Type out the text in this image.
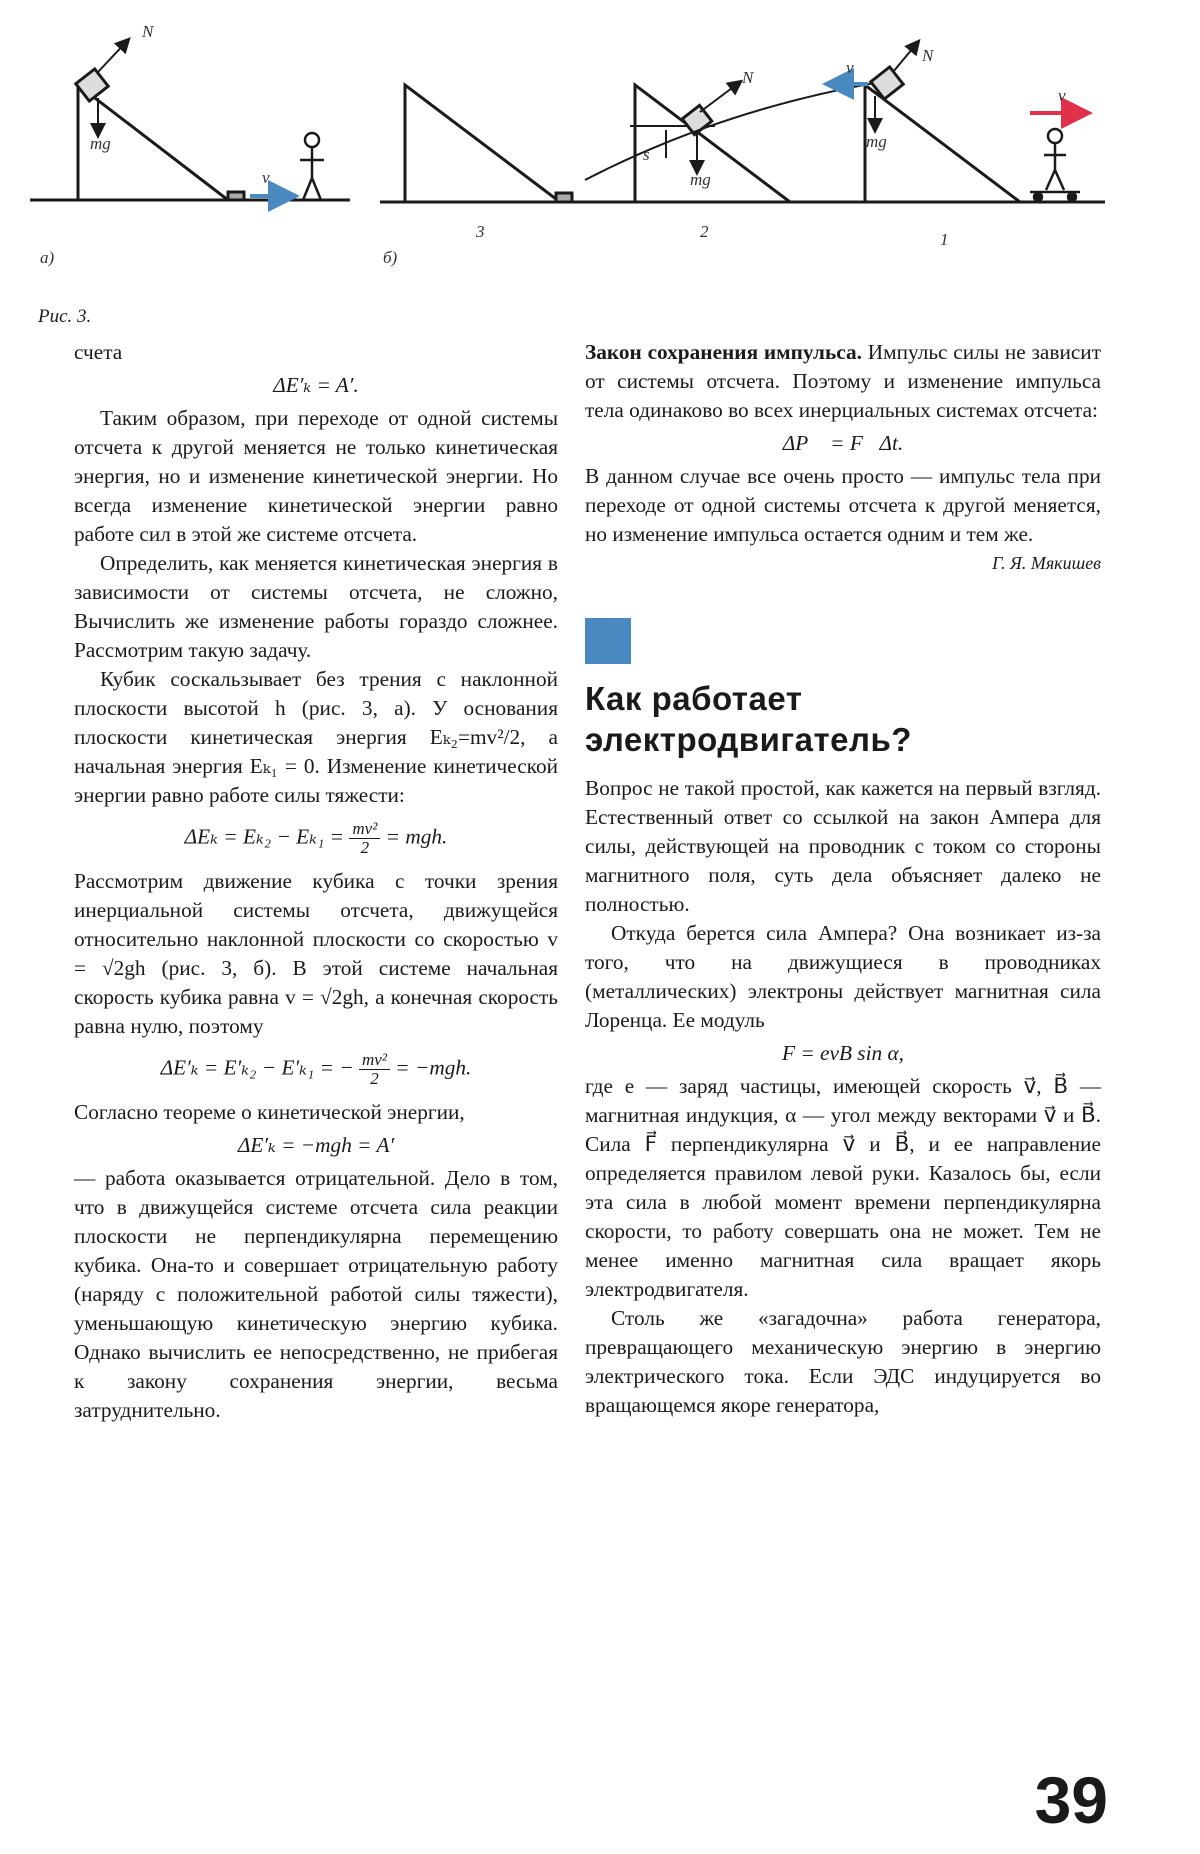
N
mg
v
а)	б)
3	2	1
N
mg
s
N
mg
v
v
Рис. 3.

счета

ΔE′ₖ = A′.

Таким образом, при переходе от одной системы отсчета к другой меняется не только кинетическая энергия, но и изменение кинетической энергии. Но всегда изменение кинетической энергии равно работе сил в этой же системе отсчета.

Определить, как меняется кинетическая энергия в зависимости от системы отсчета, не сложно, Вычислить же изменение работы гораздо сложнее. Рассмотрим такую задачу.

Кубик соскальзывает без трения с наклонной плоскости высотой h (рис. 3, а). У основания плоскости кинетическая энергия Eₖ₂=mv²/2, а начальная энергия Eₖ₁ = 0. Изменение кинетической энергии равно работе силы тяжести:

$\Delta E_k = E_{k2} - E_{k1} = \frac{\text{mv²}}{2}$ = mgh.

Рассмотрим движение кубика с точки зрения инерциальной системы отсчета, движущейся относительно наклонной плоскости со скоростью v = √2gh (рис. 3, б). В этой системе начальная скорость кубика равна v = √2gh, а конечная скорость равна нулю, поэтому

ΔE′ₖ = E′ₖ₂ − E′ₖ₁ = − $\frac{\text{mv²}}{2} = -mgh$.

Согласно теореме о кинетической энергии,

ΔE′ₖ = −mgh = A′

— работа оказывается отрицательной. Дело в том, что в движущейся системе отсчета сила реакции плоскости не перпендикулярна перемещению кубика. Она-то и совершает отрицательную работу (наряду с положительной работой силы тяжести), уменьшающую кинетическую энергию кубика. Однако вычислить ее непосредственно, не прибегая к закону сохранения энергии, весьма затруднительно.

Закон сохранения импульса. Импульс силы не зависит от системы отсчета. Поэтому и изменение импульса тела одинаково во всех инерциальных системах отсчета:

ΔP⃗ = F⃗Δt.

В данном случае все очень просто — импульс тела при переходе от одной системы отсчета к другой меняется, но изменение импульса остается одним и тем же.

Г. Я. Мякишев

Как работает электродвигатель?

Вопрос не такой простой, как кажется на первый взгляд. Естественный ответ со ссылкой на закон Ампера для силы, действующей на проводник с током со стороны магнитного поля, суть дела объясняет далеко не полностью.

Откуда берется сила Ампера? Она возникает из-за того, что на движущиеся в проводниках (металлических) электроны действует магнитная сила Лоренца. Ее модуль

F = evB sin α,

где e — заряд частицы, имеющей скорость v⃗, B⃗ — магнитная индукция, α — угол между векторами v⃗ и B⃗. Сила F⃗ перпендикулярна v⃗ и B⃗, и ее направление определяется правилом левой руки. Казалось бы, если эта сила в любой момент времени перпендикулярна скорости, то работу совершать она не может. Тем не менее именно магнитная сила вращает якорь электродвигателя.

Столь же «загадочна» работа генератора, превращающего механическую энергию в энергию электрического тока. Если ЭДС индуцируется во вращающемся якоре генератора,

39
